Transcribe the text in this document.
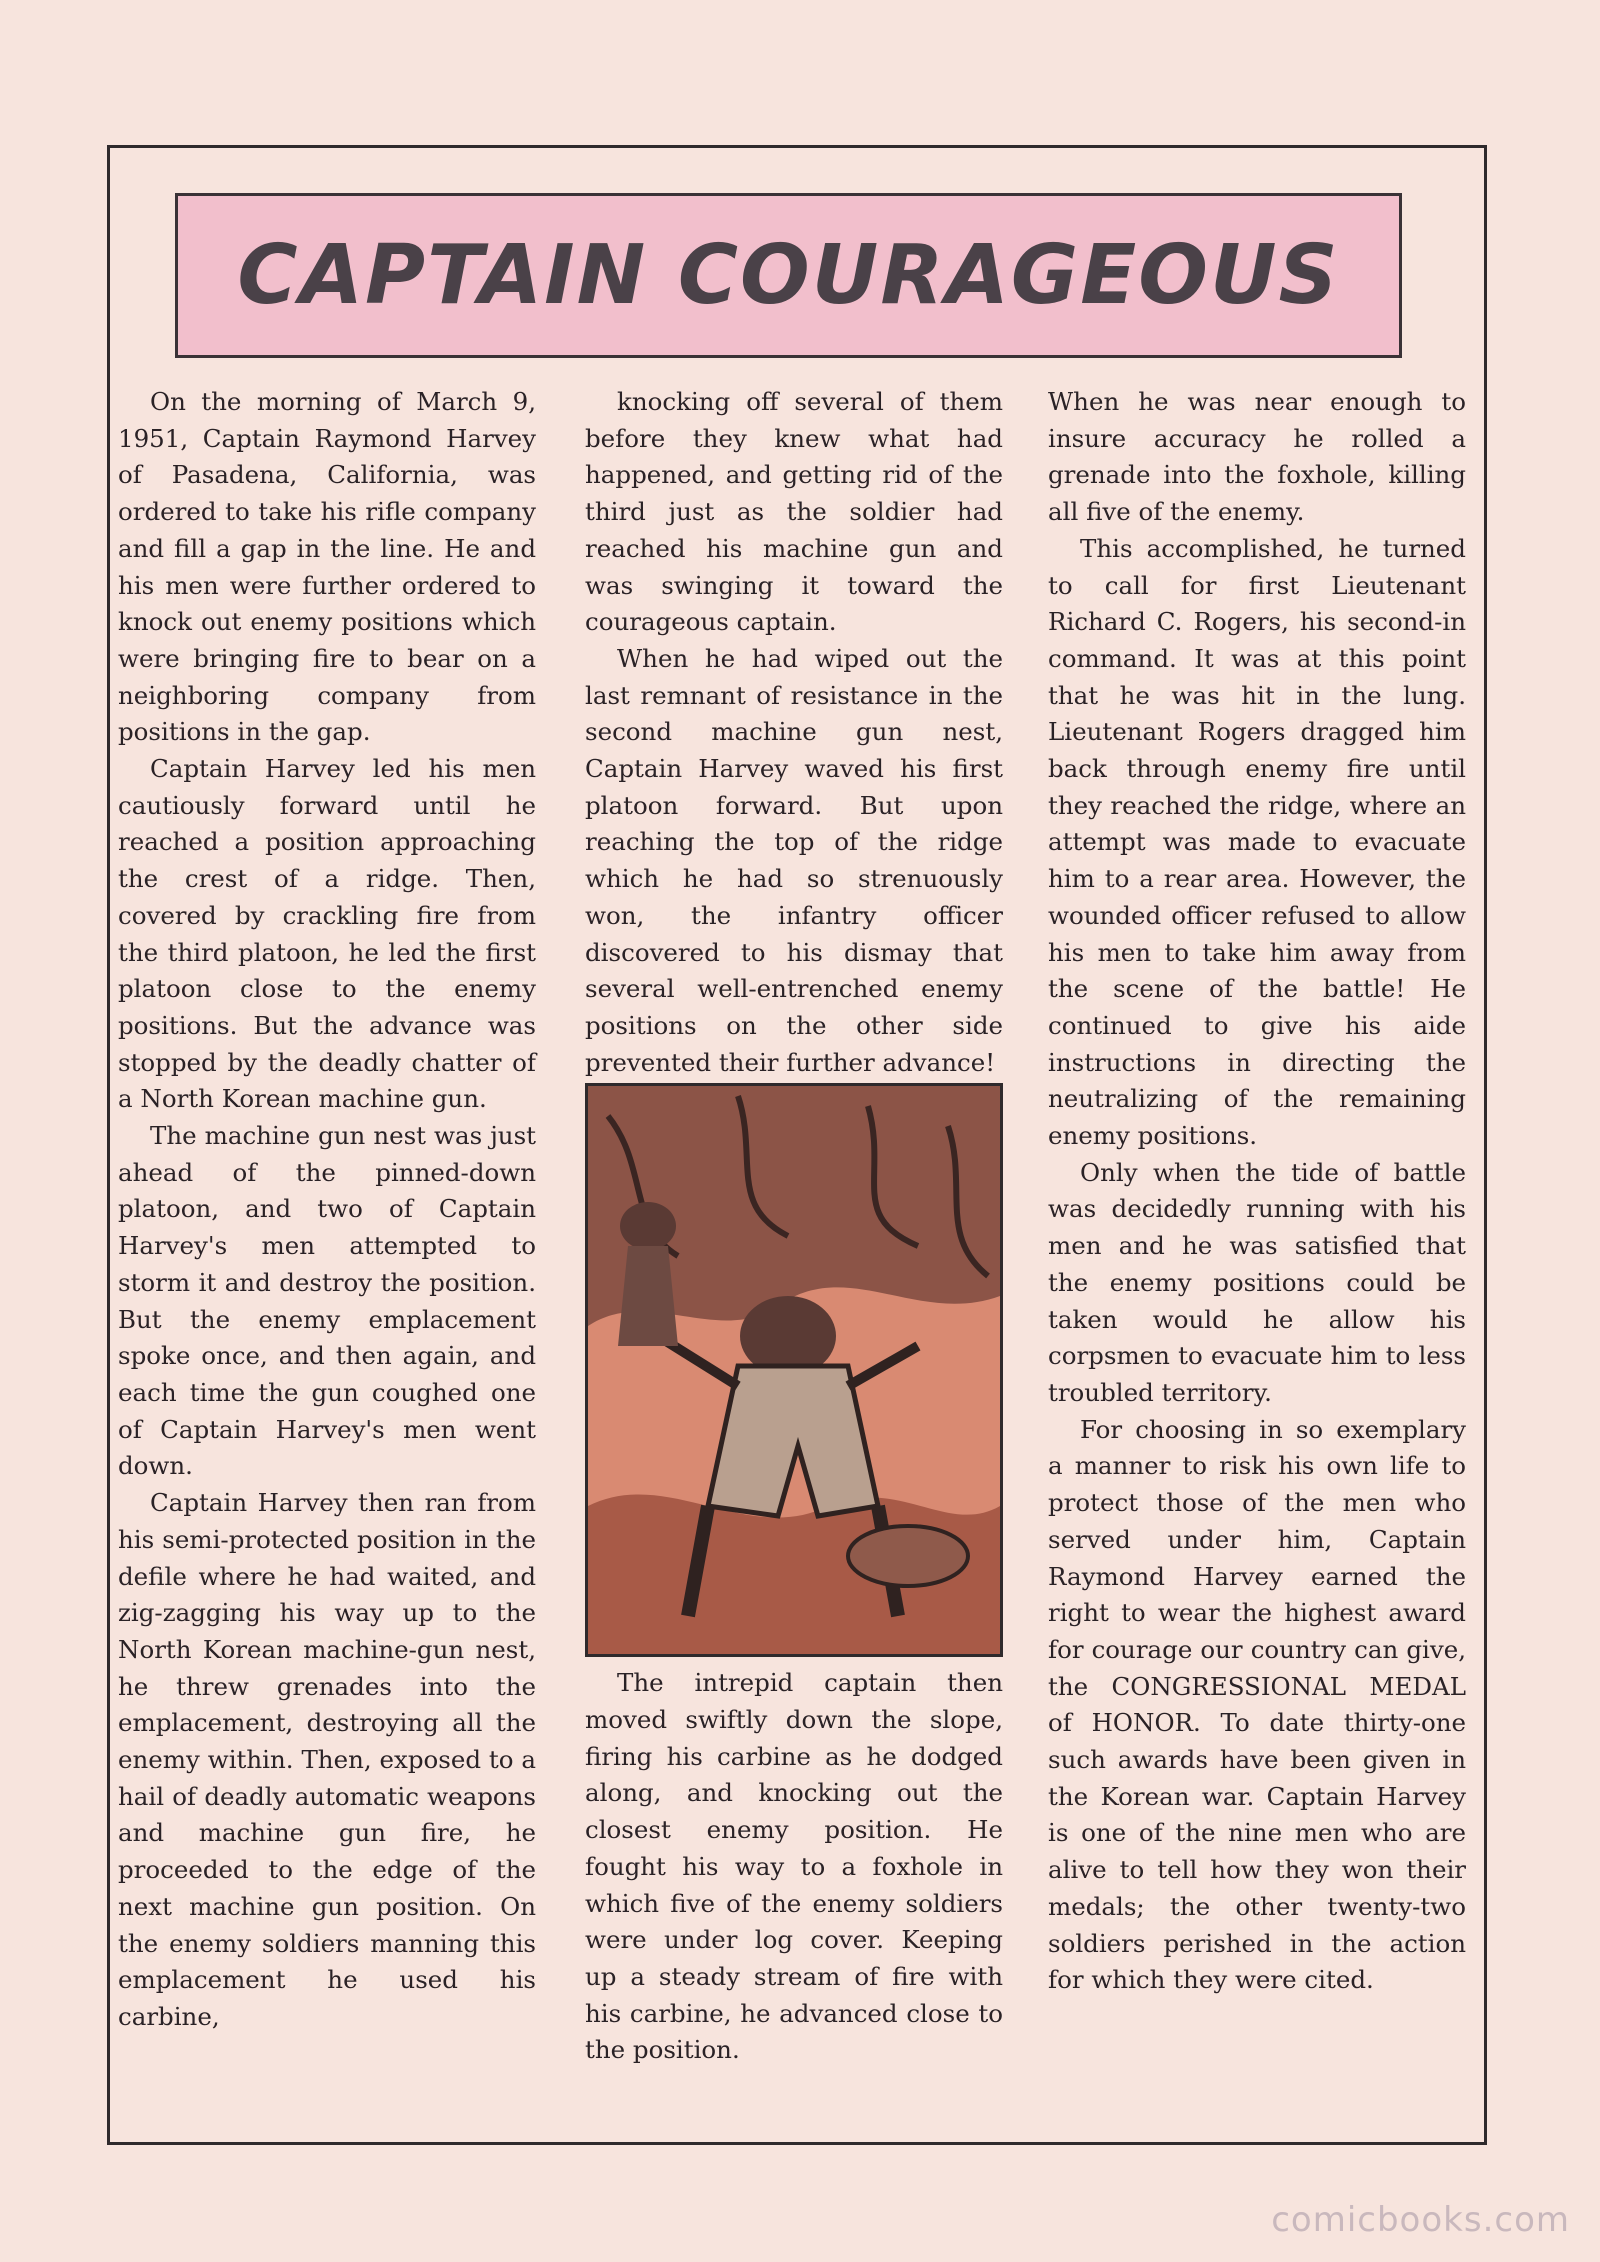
CAPTAIN COURAGEOUS

On the morning of March 9, 1951, Captain Raymond Harvey of Pasadena, California, was ordered to take his rifle company and fill a gap in the line. He and his men were further ordered to knock out enemy positions which were bringing fire to bear on a neighboring company from positions in the gap.

Captain Harvey led his men cautiously forward until he reached a position approaching the crest of a ridge. Then, covered by crackling fire from the third platoon, he led the first platoon close to the enemy positions. But the advance was stopped by the deadly chatter of a North Korean machine gun.

The machine gun nest was just ahead of the pinned-down platoon, and two of Captain Harvey's men attempted to storm it and destroy the position. But the enemy emplacement spoke once, and then again, and each time the gun coughed one of Captain Harvey's men went down.

Captain Harvey then ran from his semi-protected position in the defile where he had waited, and zig-zagging his way up to the North Korean machine-gun nest, he threw grenades into the emplacement, destroying all the enemy within. Then, exposed to a hail of deadly automatic weapons and machine gun fire, he proceeded to the edge of the next machine gun position. On the enemy soldiers manning this emplacement he used his carbine,

knocking off several of them before they knew what had happened, and getting rid of the third just as the soldier had reached his machine gun and was swinging it toward the courageous captain.

When he had wiped out the last remnant of resistance in the second machine gun nest, Captain Harvey waved his first platoon forward. But upon reaching the top of the ridge which he had so strenuously won, the infantry officer discovered to his dismay that several well-entrenched enemy positions on the other side prevented their further advance!

The intrepid captain then moved swiftly down the slope, firing his carbine as he dodged along, and knocking out the closest enemy position. He fought his way to a foxhole in which five of the enemy soldiers were under log cover. Keeping up a steady stream of fire with his carbine, he advanced close to the position.

When he was near enough to insure accuracy he rolled a grenade into the foxhole, killing all five of the enemy.

This accomplished, he turned to call for first Lieutenant Richard C. Rogers, his second-in command. It was at this point that he was hit in the lung. Lieutenant Rogers dragged him back through enemy fire until they reached the ridge, where an attempt was made to evacuate him to a rear area. However, the wounded officer refused to allow his men to take him away from the scene of the battle! He continued to give his aide instructions in directing the neutralizing of the remaining enemy positions.

Only when the tide of battle was decidedly running with his men and he was satisfied that the enemy positions could be taken would he allow his corpsmen to evacuate him to less troubled territory.

For choosing in so exemplary a manner to risk his own life to protect those of the men who served under him, Captain Raymond Harvey earned the right to wear the highest award for courage our country can give, the CONGRESSIONAL MEDAL of HONOR. To date thirty-one such awards have been given in the Korean war. Captain Harvey is one of the nine men who are alive to tell how they won their medals; the other twenty-two soldiers perished in the action for which they were cited.

comicbooks.com
